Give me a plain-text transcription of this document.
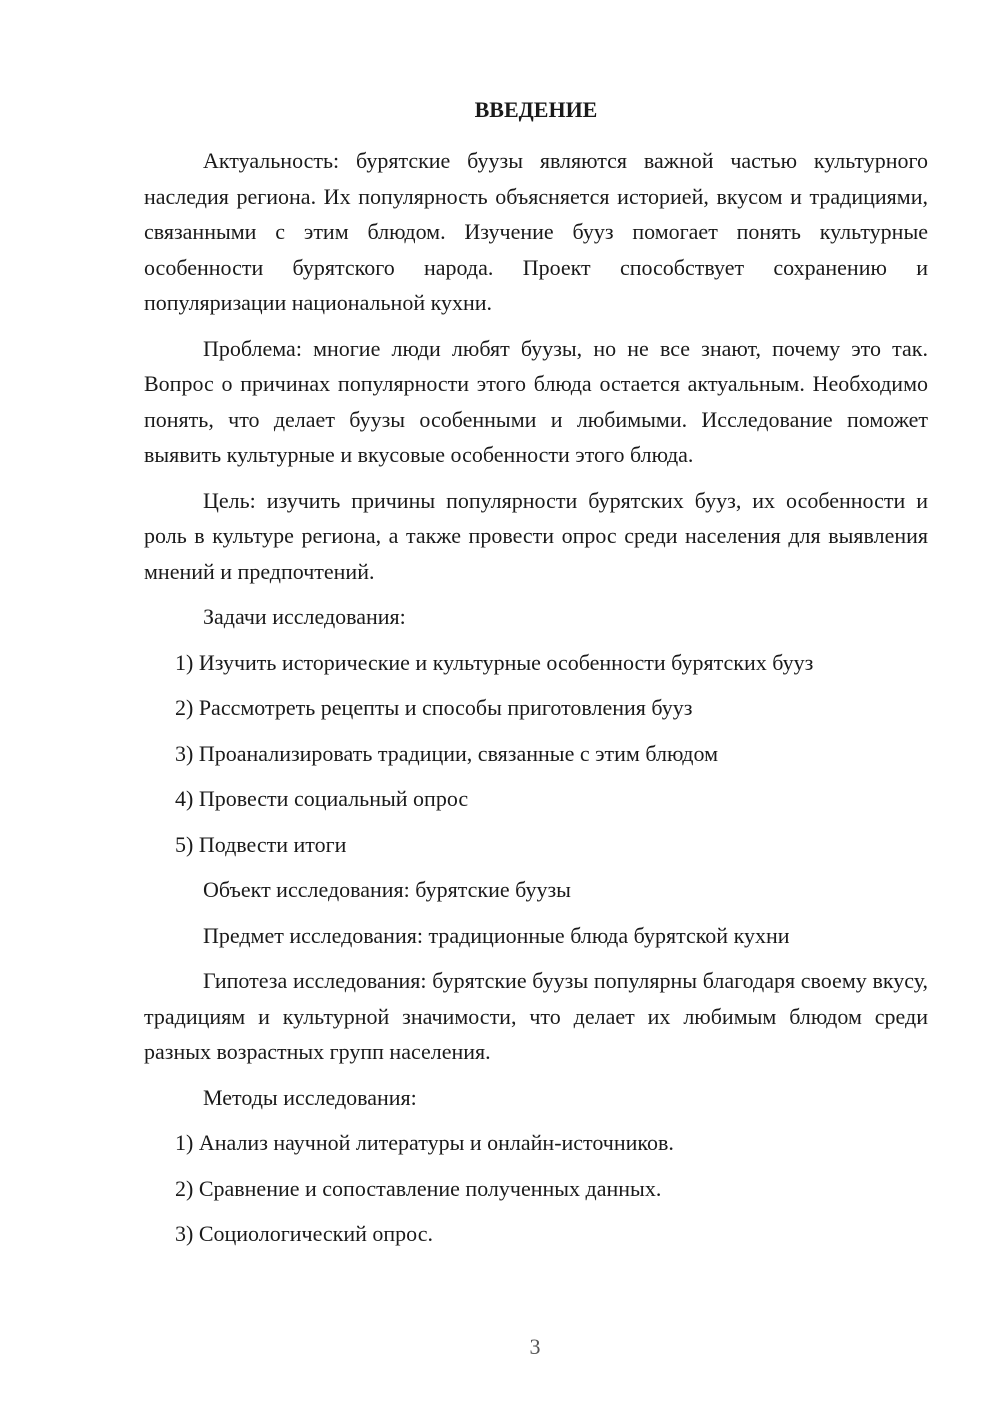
ВВЕДЕНИЕ
Актуальность: бурятские буузы являются важной частью культурного наследия региона. Их популярность объясняется историей, вкусом и традициями, связанными с этим блюдом. Изучение бууз помогает понять культурные особенности бурятского народа. Проект способствует сохранению и популяризации национальной кухни.
Проблема: многие люди любят буузы, но не все знают, почему это так. Вопрос о причинах популярности этого блюда остается актуальным. Необходимо понять, что делает буузы особенными и любимыми. Исследование поможет выявить культурные и вкусовые особенности этого блюда.
Цель: изучить причины популярности бурятских бууз, их особенности и роль в культуре региона, а также провести опрос среди населения для выявления мнений и предпочтений.
Задачи исследования:
1) Изучить исторические и культурные особенности бурятских бууз
2) Рассмотреть рецепты и способы приготовления бууз
3) Проанализировать традиции, связанные с этим блюдом
4) Провести социальный опрос
5) Подвести итоги
Объект исследования: бурятские буузы
Предмет исследования: традиционные блюда бурятской кухни
Гипотеза исследования: бурятские буузы популярны благодаря своему вкусу, традициям и культурной значимости, что делает их любимым блюдом среди разных возрастных групп населения.
Методы исследования:
1) Анализ научной литературы и онлайн-источников.
2) Сравнение и сопоставление полученных данных.
3) Социологический опрос.
3
